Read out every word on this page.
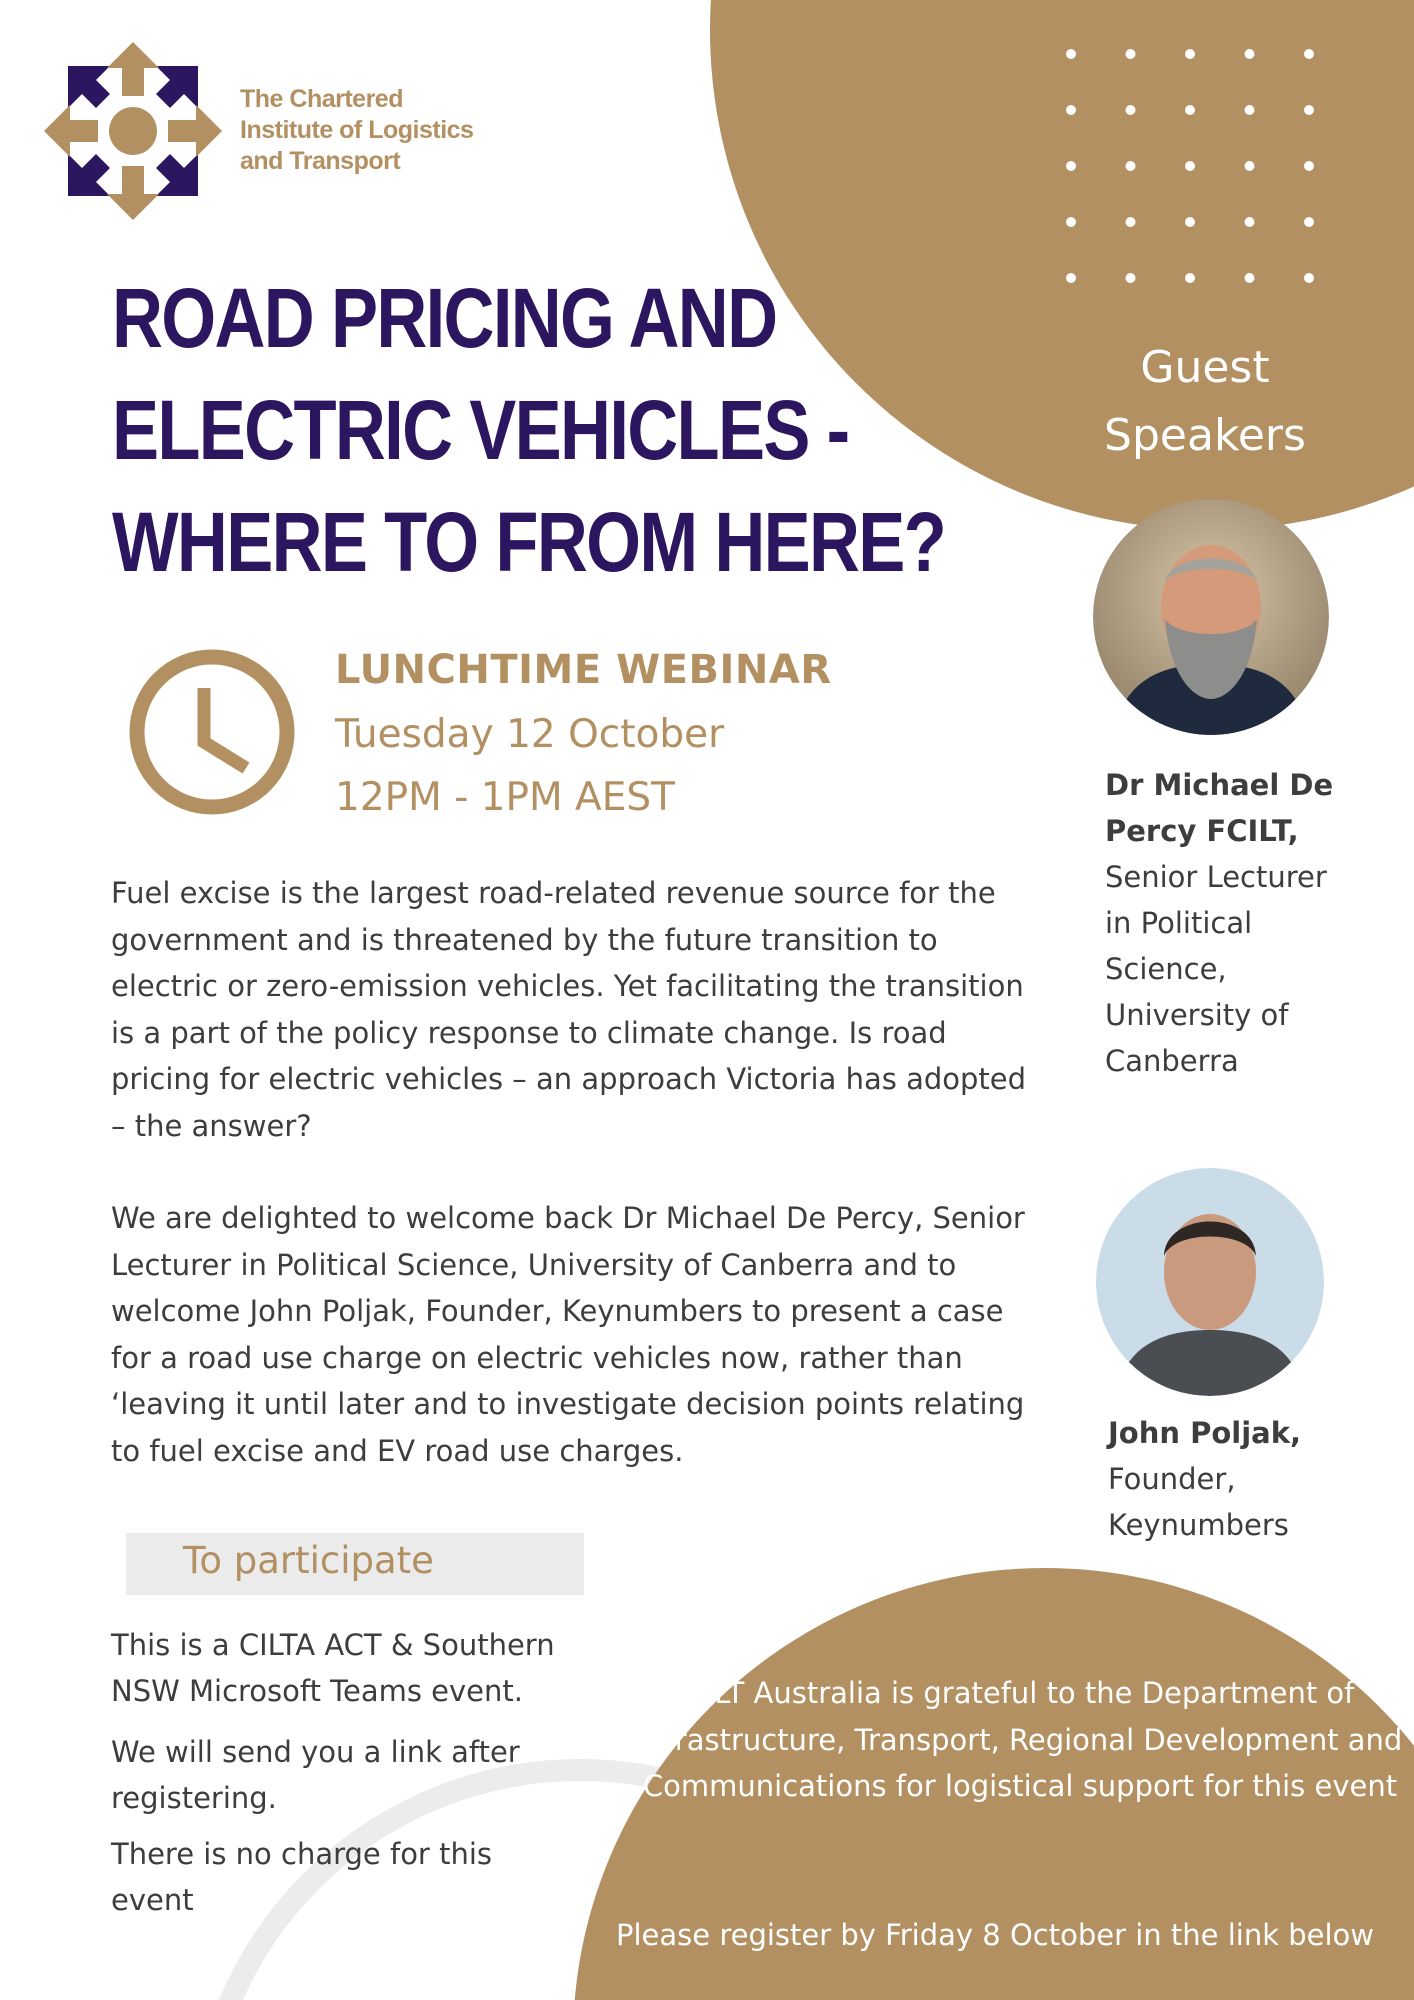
The Chartered
Institute of Logistics
and Transport
ROAD PRICING AND
ELECTRIC VEHICLES -
WHERE TO FROM HERE?
LUNCHTIME WEBINAR
Tuesday 12 October
12PM - 1PM AEST
Fuel excise is the largest road-related revenue source for the government and is threatened by the future transition to electric or zero-emission vehicles. Yet facilitating the transition is a part of the policy response to climate change. Is road pricing for electric vehicles – an approach Victoria has adopted – the answer?
We are delighted to welcome back Dr Michael De Percy, Senior Lecturer in Political Science, University of Canberra and to welcome John Poljak, Founder, Keynumbers to present a case for a road use charge on electric vehicles now, rather than ‘leaving it until later and to investigate decision points relating to fuel excise and EV road use charges.
To participate
This is a CILTA ACT & Southern NSW Microsoft Teams event.
We will send you a link after registering.
There is no charge for this event
Guest
Speakers
Dr Michael De Percy FCILT, Senior Lecturer in Political Science, University of Canberra
John Poljak,
Founder, Keynumbers
CILT Australia is grateful to the Department of Infrastructure, Transport, Regional Development and Communications for logistical support for this event
Please register by Friday 8 October in the link below
